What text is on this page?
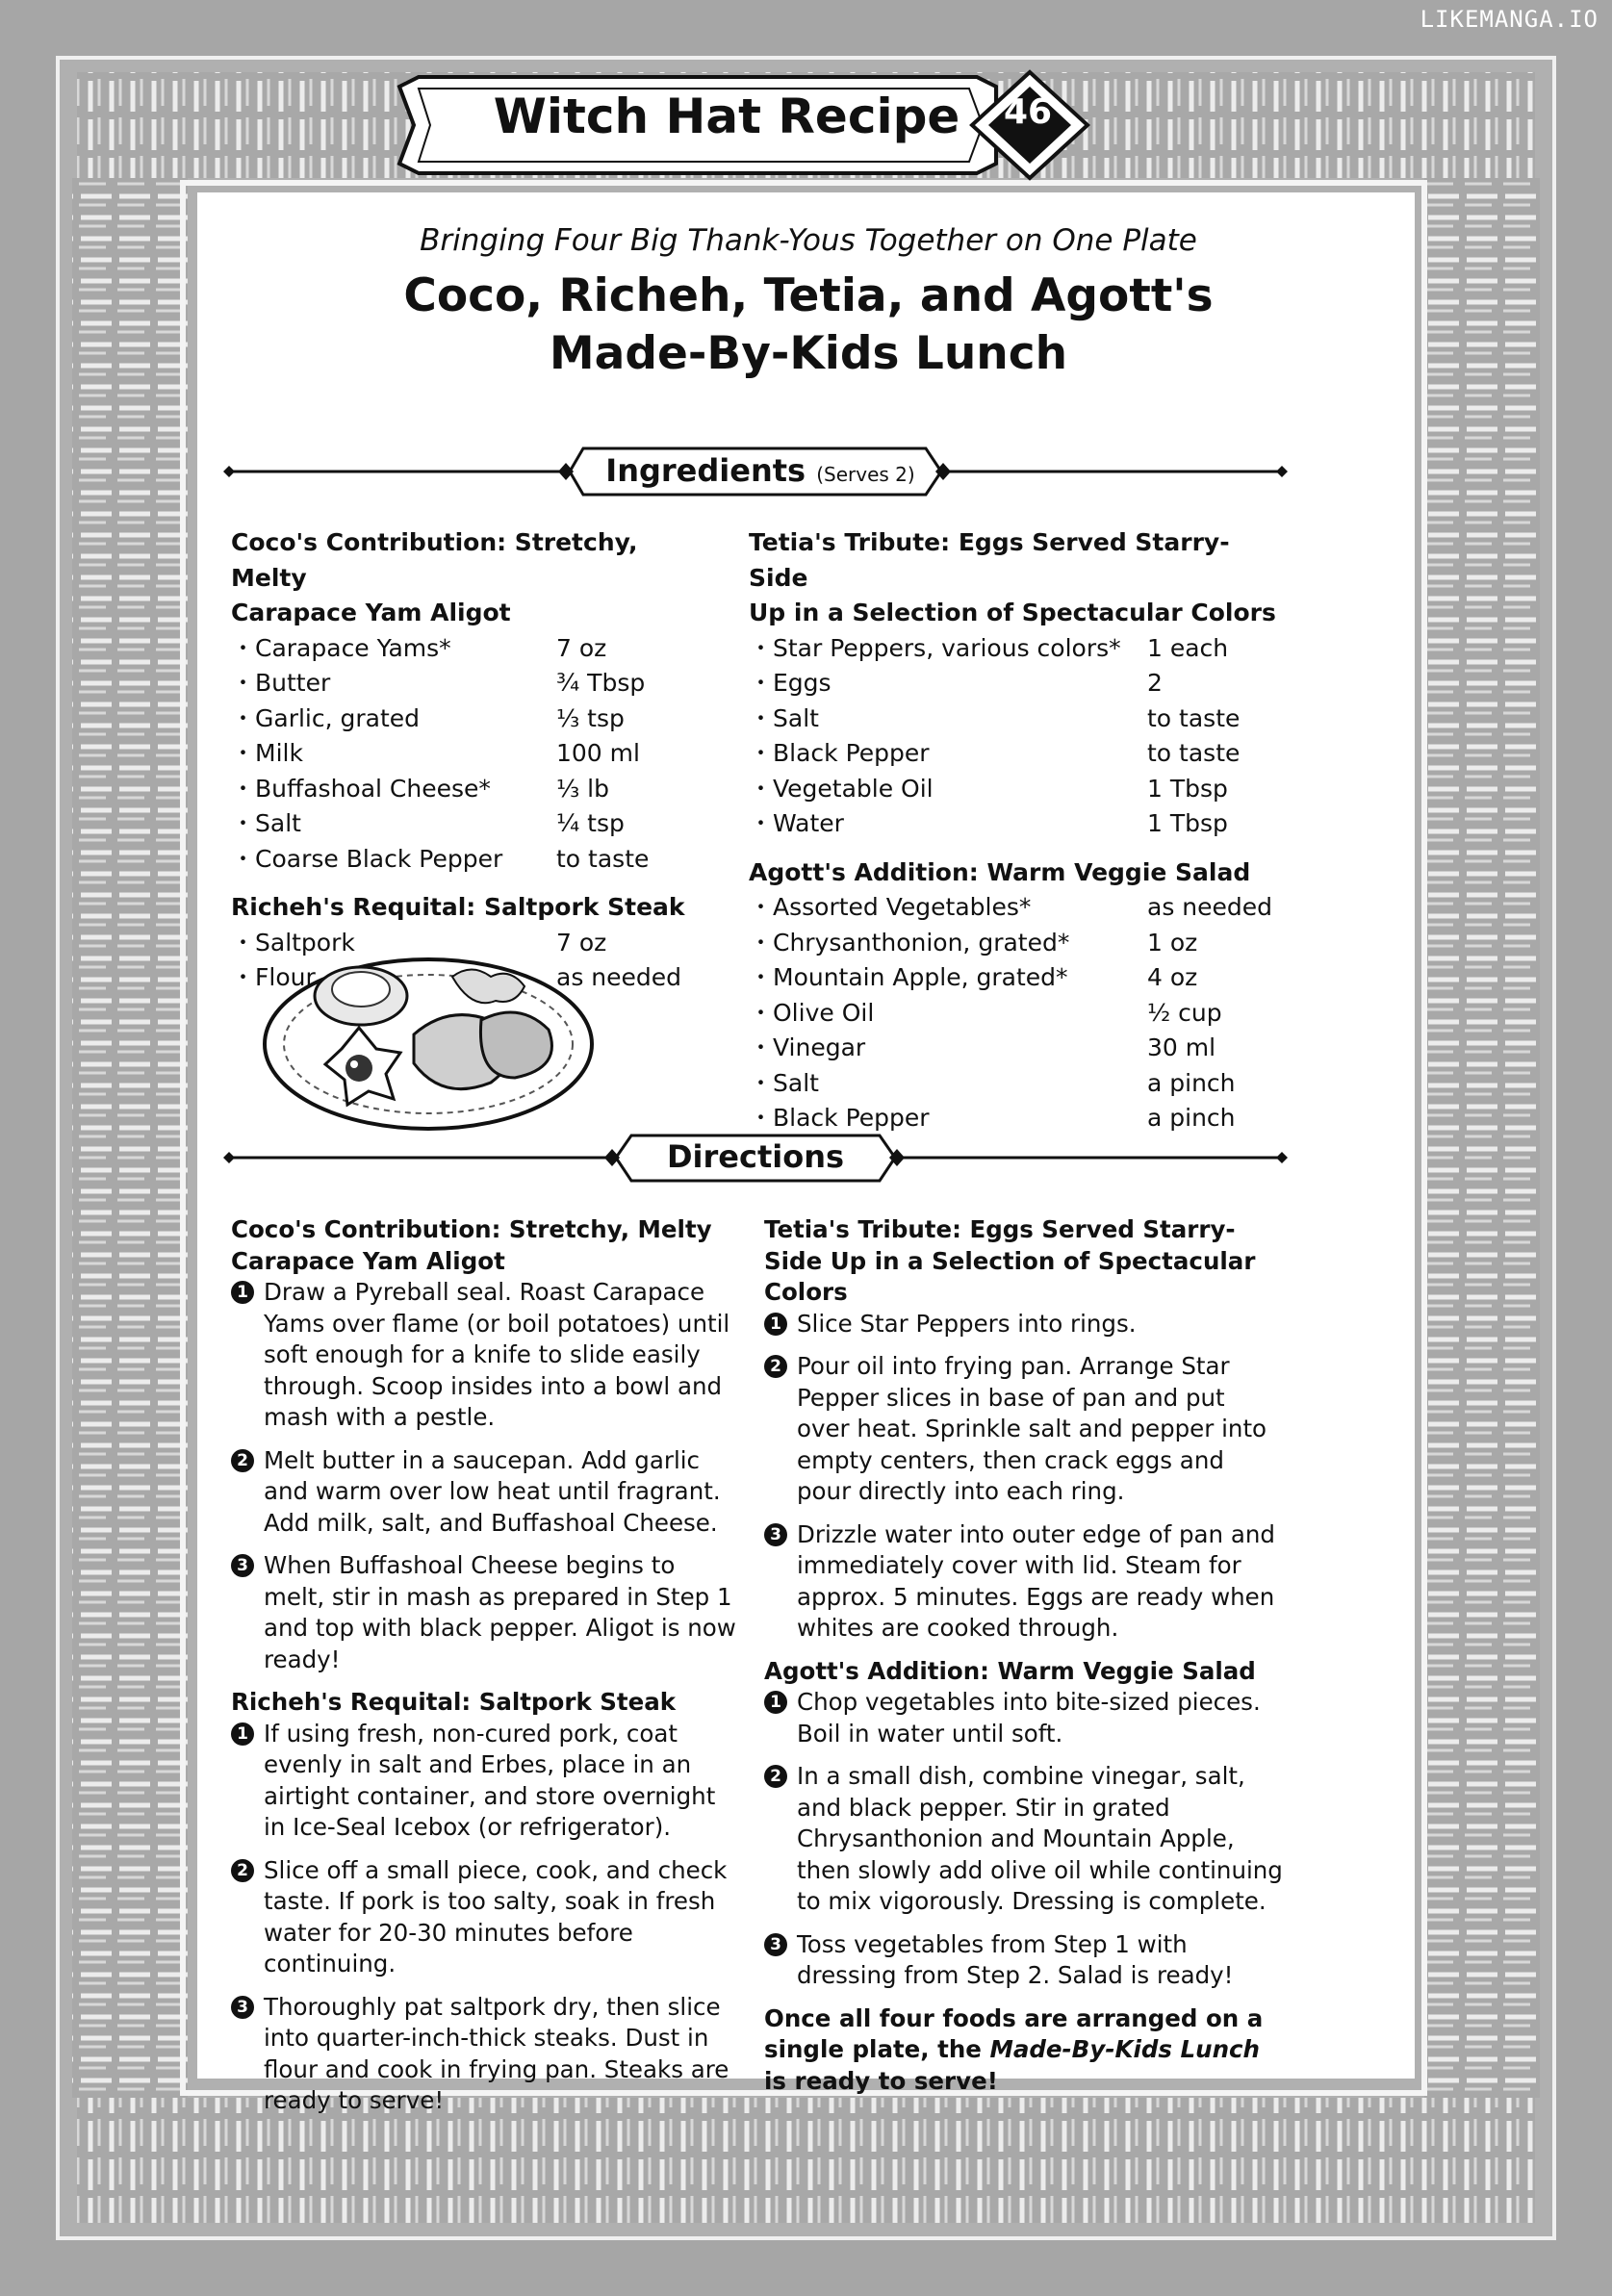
LIKEMANGA.IO
Witch Hat Recipe	46
Bringing Four Big Thank-Yous Together on One Plate
Coco, Richeh, Tetia, and Agott's
Made-By-Kids Lunch
Ingredients (Serves 2)
Directions
Coco's Contribution: Stretchy, Melty
Carapace Yam Aligot
・Carapace Yams*	7 oz
・Butter	¾ Tbsp
・Garlic, grated	⅓ tsp
・Milk	100 ml
・Buffashoal Cheese*	⅓ lb
・Salt	¼ tsp
・Coarse Black Pepper	to taste
Richeh's Requital: Saltpork Steak
・Saltpork	7 oz
・Flour	as needed
Tetia's Tribute: Eggs Served Starry-Side
Up in a Selection of Spectacular Colors
・Star Peppers, various colors*	1 each
・Eggs	2
・Salt	to taste
・Black Pepper	to taste
・Vegetable Oil	1 Tbsp
・Water	1 Tbsp
Agott's Addition: Warm Veggie Salad
・Assorted Vegetables*	as needed
・Chrysanthonion, grated*	1 oz
・Mountain Apple, grated*	4 oz
・Olive Oil	½ cup
・Vinegar	30 ml
・Salt	a pinch
・Black Pepper	a pinch
Coco's Contribution: Stretchy, Melty
Carapace Yam Aligot
1 Draw a Pyreball seal. Roast Carapace Yams over flame (or boil potatoes) until soft enough for a knife to slide easily through. Scoop insides into a bowl and mash with a pestle.
2 Melt butter in a saucepan. Add garlic and warm over low heat until fragrant. Add milk, salt, and Buffashoal Cheese.
3 When Buffashoal Cheese begins to melt, stir in mash as prepared in Step 1 and top with black pepper. Aligot is now ready!
Richeh's Requital: Saltpork Steak
1 If using fresh, non-cured pork, coat evenly in salt and Erbes, place in an airtight container, and store overnight in Ice-Seal Icebox (or refrigerator).
2 Slice off a small piece, cook, and check taste. If pork is too salty, soak in fresh water for 20-30 minutes before continuing.
3 Thoroughly pat saltpork dry, then slice into quarter-inch-thick steaks. Dust in flour and cook in frying pan. Steaks are ready to serve!
Tetia's Tribute: Eggs Served Starry-
Side Up in a Selection of Spectacular
Colors
1 Slice Star Peppers into rings.
2 Pour oil into frying pan. Arrange Star Pepper slices in base of pan and put over heat. Sprinkle salt and pepper into empty centers, then crack eggs and pour directly into each ring.
3 Drizzle water into outer edge of pan and immediately cover with lid. Steam for approx. 5 minutes. Eggs are ready when whites are cooked through.
Agott's Addition: Warm Veggie Salad
1 Chop vegetables into bite-sized pieces. Boil in water until soft.
2 In a small dish, combine vinegar, salt, and black pepper. Stir in grated Chrysanthonion and Mountain Apple, then slowly add olive oil while continuing to mix vigorously. Dressing is complete.
3 Toss vegetables from Step 1 with dressing from Step 2. Salad is ready!
Once all four foods are arranged on a single plate, the Made-By-Kids Lunch is ready to serve!
